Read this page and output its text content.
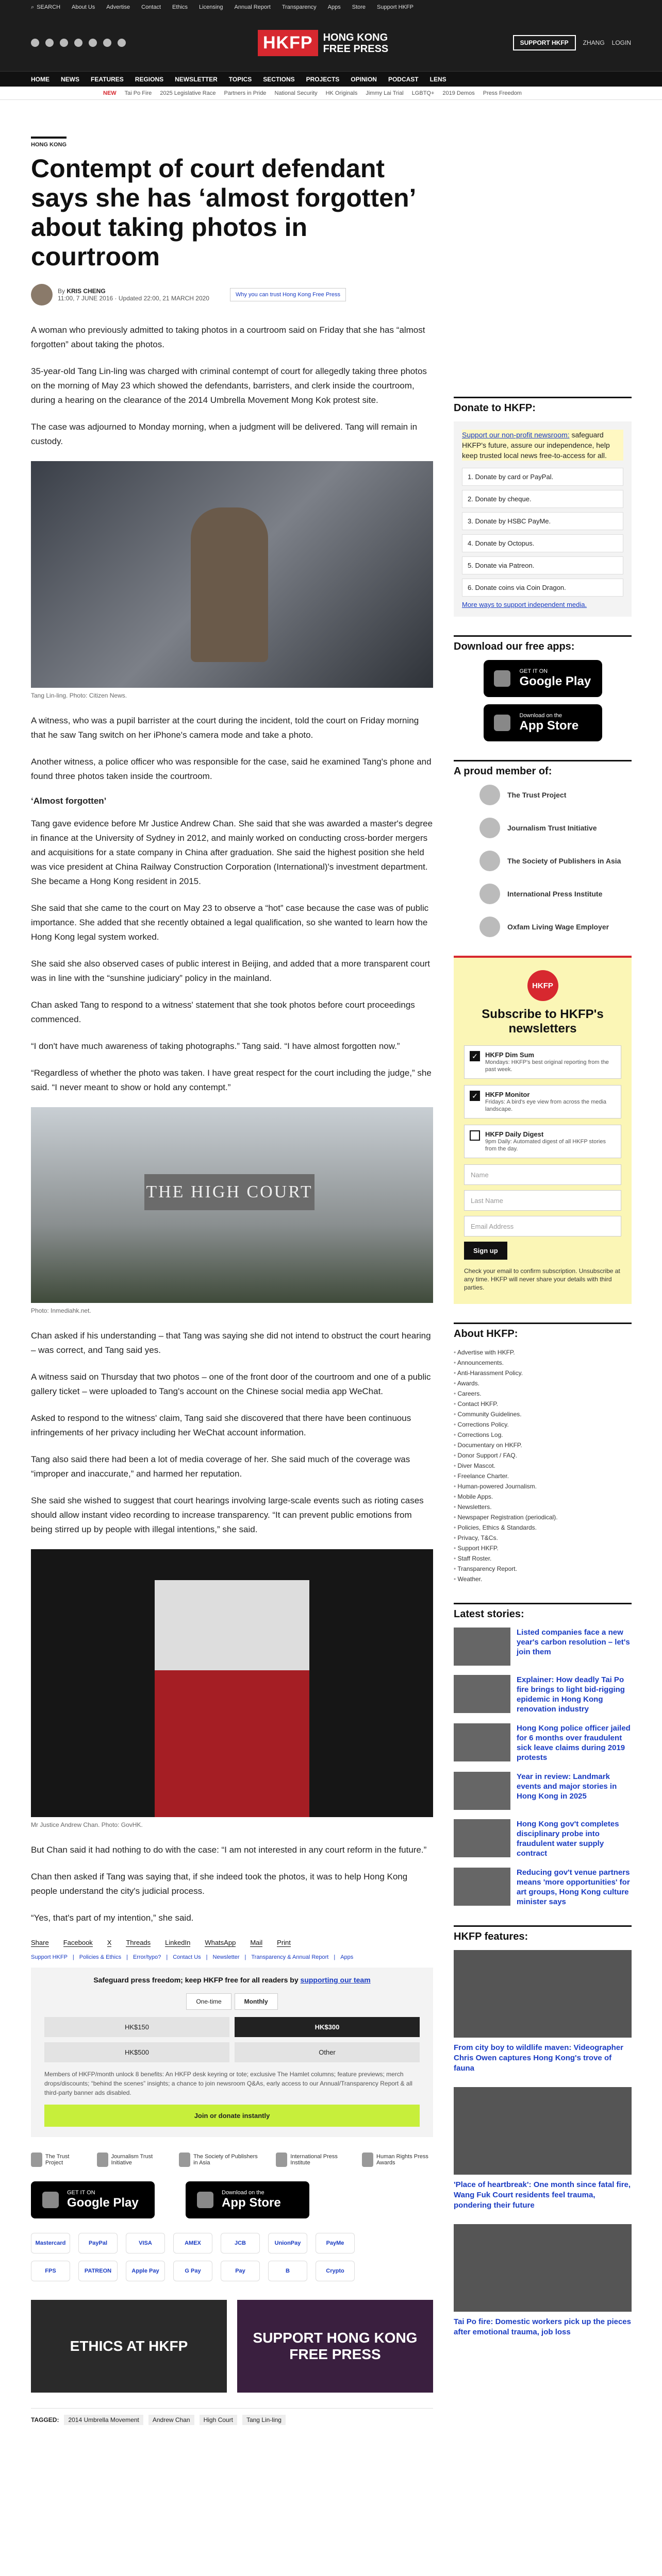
⌕ SEARCH About Us Advertise Contact Ethics Licensing Annual Report Transparency Apps Store Support HKFP
HKFP	HONG KONG
FREE PRESS
SUPPORT HKFP	ZHANG LOGIN
HOME NEWS FEATURES REGIONS NEWSLETTER TOPICS SECTIONS PROJECTS OPINION PODCAST LENS
NEW Tai Po Fire 2025 Legislative Race Partners in Pride National Security HK Originals Jimmy Lai Trial LGBTQ+ 2019 Demos Press Freedom
HONG KONG
Contempt of court defendant says she has ‘almost forgotten’ about taking photos in courtroom
By KRIS CHENG
11:00, 7 JUNE 2016 · Updated 22:00, 21 MARCH 2020	Why you can trust Hong Kong Free Press

A woman who previously admitted to taking photos in a courtroom said on Friday that she has “almost forgotten” about taking the photos.

35-year-old Tang Lin-ling was charged with criminal contempt of court for allegedly taking three photos on the morning of May 23 which showed the defendants, barristers, and clerk inside the courtroom, during a hearing on the clearance of the 2014 Umbrella Movement Mong Kok protest site.

The case was adjourned to Monday morning, when a judgment will be delivered. Tang will remain in custody.

Tang Lin-ling. Photo: Citizen News.

A witness, who was a pupil barrister at the court during the incident, told the court on Friday morning that he saw Tang switch on her iPhone's camera mode and take a photo.

Another witness, a police officer who was responsible for the case, said he examined Tang's phone and found three photos taken inside the courtroom.

‘Almost forgotten’

Tang gave evidence before Mr Justice Andrew Chan. She said that she was awarded a master's degree in finance at the University of Sydney in 2012, and mainly worked on conducting cross-border mergers and acquisitions for a state company in China after graduation. She said the highest position she held was vice president at China Railway Construction Corporation (International)'s investment department. She became a Hong Kong resident in 2015.

She said that she came to the court on May 23 to observe a “hot” case because the case was of public importance. She added that she recently obtained a legal qualification, so she wanted to learn how the Hong Kong legal system worked.

She said she also observed cases of public interest in Beijing, and added that a more transparent court was in line with the “sunshine judiciary” policy in the mainland.

Chan asked Tang to respond to a witness' statement that she took photos before court proceedings commenced.

“I don't have much awareness of taking photographs.” Tang said. “I have almost forgotten now.”

“Regardless of whether the photo was taken. I have great respect for the court including the judge,” she said. “I never meant to show or hold any contempt.”

THE HIGH COURT
Photo: Inmediahk.net.

Chan asked if his understanding – that Tang was saying she did not intend to obstruct the court hearing – was correct, and Tang said yes.

A witness said on Thursday that two photos – one of the front door of the courtroom and one of a public gallery ticket – were uploaded to Tang's account on the Chinese social media app WeChat.

Asked to respond to the witness' claim, Tang said she discovered that there have been continuous infringements of her privacy including her WeChat account information.

Tang also said there had been a lot of media coverage of her. She said much of the coverage was “improper and inaccurate,” and harmed her reputation.

She said she wished to suggest that court hearings involving large-scale events such as rioting cases should allow instant video recording to increase transparency. “It can prevent public emotions from being stirred up by people with illegal intentions,” she said.

Mr Justice Andrew Chan. Photo: GovHK.

But Chan said it had nothing to do with the case: “I am not interested in any court reform in the future.”

Chan then asked if Tang was saying that, if she indeed took the photos, it was to help Hong Kong people understand the city's judicial process.

“Yes, that's part of my intention,” she said.

Share Facebook X Threads LinkedIn WhatsApp Mail Print
Support HKFP | Policies & Ethics | Error/typo? | Contact Us | Newsletter | Transparency & Annual Report | Apps
Safeguard press freedom; keep HKFP free for all readers by supporting our team
One-time	Monthly
HK$150	HK$300
HK$500	Other
Members of HKFP/month unlock 8 benefits: An HKFP desk keyring or tote; exclusive The Hamlet columns; feature previews; merch drops/discounts; “behind the scenes” insights; a chance to join newsroom Q&As, early access to our Annual/Transparency Report & all third-party banner ads disabled.
Join or donate instantly
The Trust Project
Journalism Trust Initiative
The Society of Publishers in Asia
International Press Institute
Human Rights Press Awards
GET IT ON
Google Play
Download on the
App Store
Mastercard	PayPal	VISA	AMEX	JCB	UnionPay	PayMe
FPS	PATREON	Apple Pay	G Pay	Pay	B	Crypto
ETHICS AT HKFP
SUPPORT HONG KONG FREE PRESS
TAGGED:	2014 Umbrella Movement	Andrew Chan	High Court	Tang Lin-ling
Donate to HKFP:
Support our non-profit newsroom: safeguard HKFP's future, assure our independence, help keep trusted local news free-to-access for all.
1. Donate by card or PayPal.
2. Donate by cheque.
3. Donate by HSBC PayMe.
4. Donate by Octopus.
5. Donate via Patreon.
6. Donate coins via Coin Dragon.
More ways to support independent media.
Download our free apps:
GET IT ON
Google Play
Download on the
App Store
A proud member of:
The Trust Project
Journalism Trust Initiative
The Society of Publishers in Asia
International Press Institute
Oxfam Living Wage Employer
HKFP
Subscribe to HKFP's newsletters
✓	HKFP Dim Sum
Mondays: HKFP's best original reporting from the past week.
✓	HKFP Monitor
Fridays: A bird's eye view from across the media landscape.
HKFP Daily Digest
9pm Daily: Automated digest of all HKFP stories from the day.
Name
Last Name
Email Address
Sign up
Check your email to confirm subscription. Unsubscribe at any time. HKFP will never share your details with third parties.
About HKFP:
• Advertise with HKFP.
• Announcements.
• Anti-Harassment Policy.
• Awards.
• Careers.
• Contact HKFP.
• Community Guidelines.
• Corrections Policy.
• Corrections Log.
• Documentary on HKFP.
• Donor Support / FAQ.
• Diver Mascot.
• Freelance Charter.
• Human-powered Journalism.
• Mobile Apps.
• Newsletters.
• Newspaper Registration (periodical).
• Policies, Ethics & Standards.
• Privacy, T&Cs.
• Support HKFP.
• Staff Roster.
• Transparency Report.
• Weather.
Latest stories:
Listed companies face a new year's carbon resolution – let's join them
Explainer: How deadly Tai Po fire brings to light bid-rigging epidemic in Hong Kong renovation industry
Hong Kong police officer jailed for 6 months over fraudulent sick leave claims during 2019 protests
Year in review: Landmark events and major stories in Hong Kong in 2025
Hong Kong gov't completes disciplinary probe into fraudulent water supply contract
Reducing gov't venue partners means 'more opportunities' for art groups, Hong Kong culture minister says
HKFP features:
From city boy to wildlife maven: Videographer Chris Owen captures Hong Kong's trove of fauna
'Place of heartbreak': One month since fatal fire, Wang Fuk Court residents feel trauma, pondering their future
Tai Po fire: Domestic workers pick up the pieces after emotional trauma, job loss
